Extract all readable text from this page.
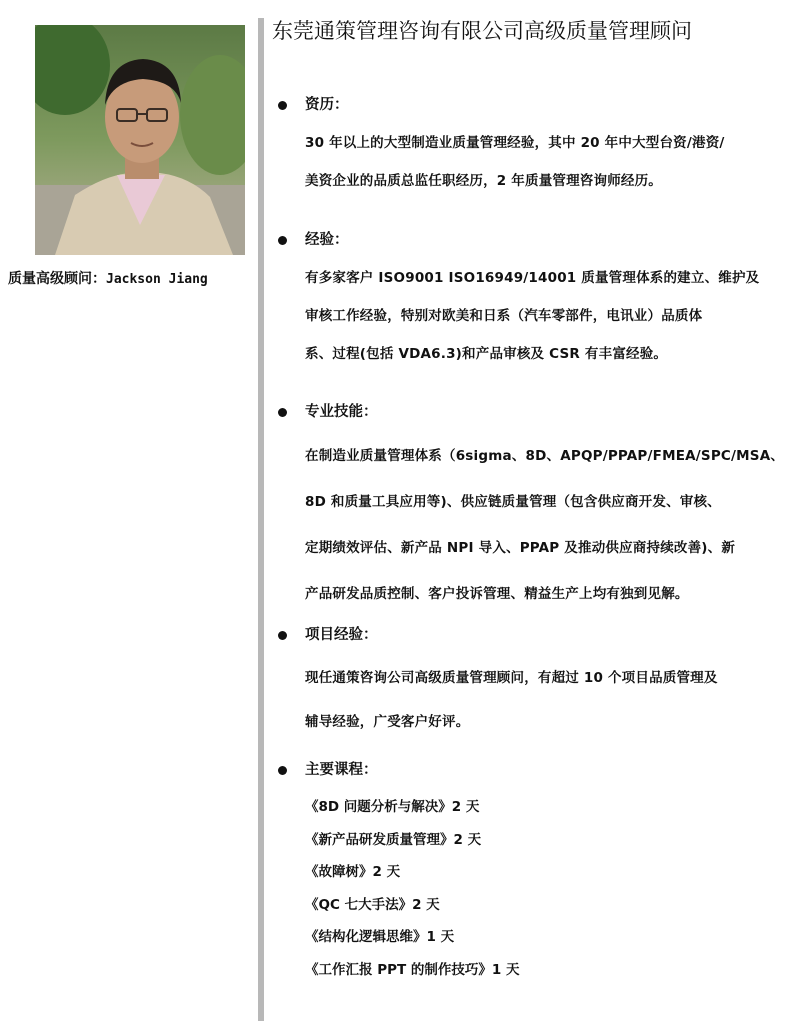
质量高级顾问：Jackson Jiang
东莞通策管理咨询有限公司高级质量管理顾问
资历：

30 年以上的大型制造业质量管理经验，其中 20 年中大型台资/港资/
美资企业的品质总监任职经历，2 年质量管理咨询师经历。

经验：

有多家客户 ISO9001 ISO16949/14001 质量管理体系的建立、维护及
审核工作经验，特别对欧美和日系（汽车零部件，电讯业）品质体
系、过程(包括 VDA6.3)和产品审核及 CSR 有丰富经验。

专业技能：

在制造业质量管理体系（6sigma、8D、APQP/PPAP/FMEA/SPC/MSA、
8D 和质量工具应用等)、供应链质量管理（包含供应商开发、审核、
定期绩效评估、新产品 NPI 导入、PPAP 及推动供应商持续改善)、新
产品研发品质控制、客户投诉管理、精益生产上均有独到见解。

项目经验：

现任通策咨询公司高级质量管理顾问，有超过 10 个项目品质管理及
辅导经验，广受客户好评。

主要课程：
《8D 问题分析与解决》2 天
《新产品研发质量管理》2 天
《故障树》2 天
《QC 七大手法》2 天
《结构化逻辑思维》1 天
《工作汇报 PPT 的制作技巧》1 天
